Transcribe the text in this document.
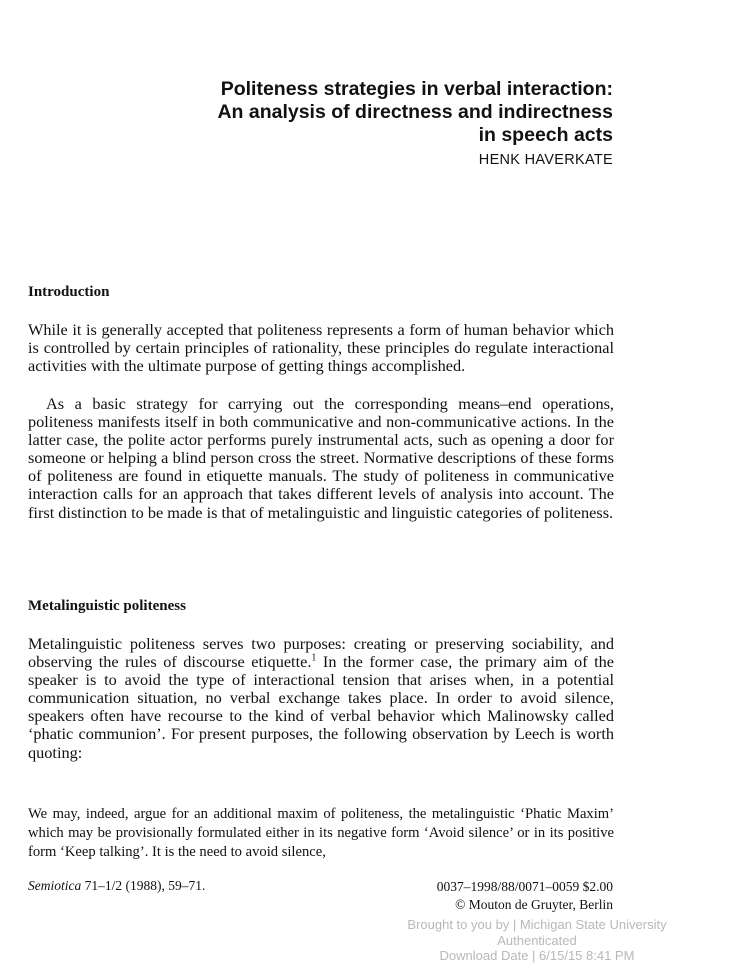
Politeness strategies in verbal interaction:
An analysis of directness and indirectness
in speech acts
HENK HAVERKATE
Introduction

While it is generally accepted that politeness represents a form of human behavior which is controlled by certain principles of rationality, these principles do regulate interactional activities with the ultimate purpose of getting things accomplished.

As a basic strategy for carrying out the corresponding means–end operations, politeness manifests itself in both communicative and non-communicative actions. In the latter case, the polite actor performs purely instrumental acts, such as opening a door for someone or helping a blind person cross the street. Normative descriptions of these forms of politeness are found in etiquette manuals. The study of politeness in communicative interaction calls for an approach that takes different levels of analysis into account. The first distinction to be made is that of metalinguistic and linguistic categories of politeness.

Metalinguistic politeness

Metalinguistic politeness serves two purposes: creating or preserving sociability, and observing the rules of discourse etiquette.$^1$ In the former case, the primary aim of the speaker is to avoid the type of interactional tension that arises when, in a potential communication situation, no verbal exchange takes place. In order to avoid silence, speakers often have recourse to the kind of verbal behavior which Malinowsky called ‘phatic communion’. For present purposes, the following observation by Leech is worth quoting:

We may, indeed, argue for an additional maxim of politeness, the metalinguistic ‘Phatic Maxim’ which may be provisionally formulated either in its negative form ‘Avoid silence’ or in its positive form ‘Keep talking’. It is the need to avoid silence,

Semiotica 71–1/2 (1988), 59–71.	0037–1998/88/0071–0059 $2.00
© Mouton de Gruyter, Berlin
Brought to you by | Michigan State University
Authenticated
Download Date | 6/15/15 8:41 PM
